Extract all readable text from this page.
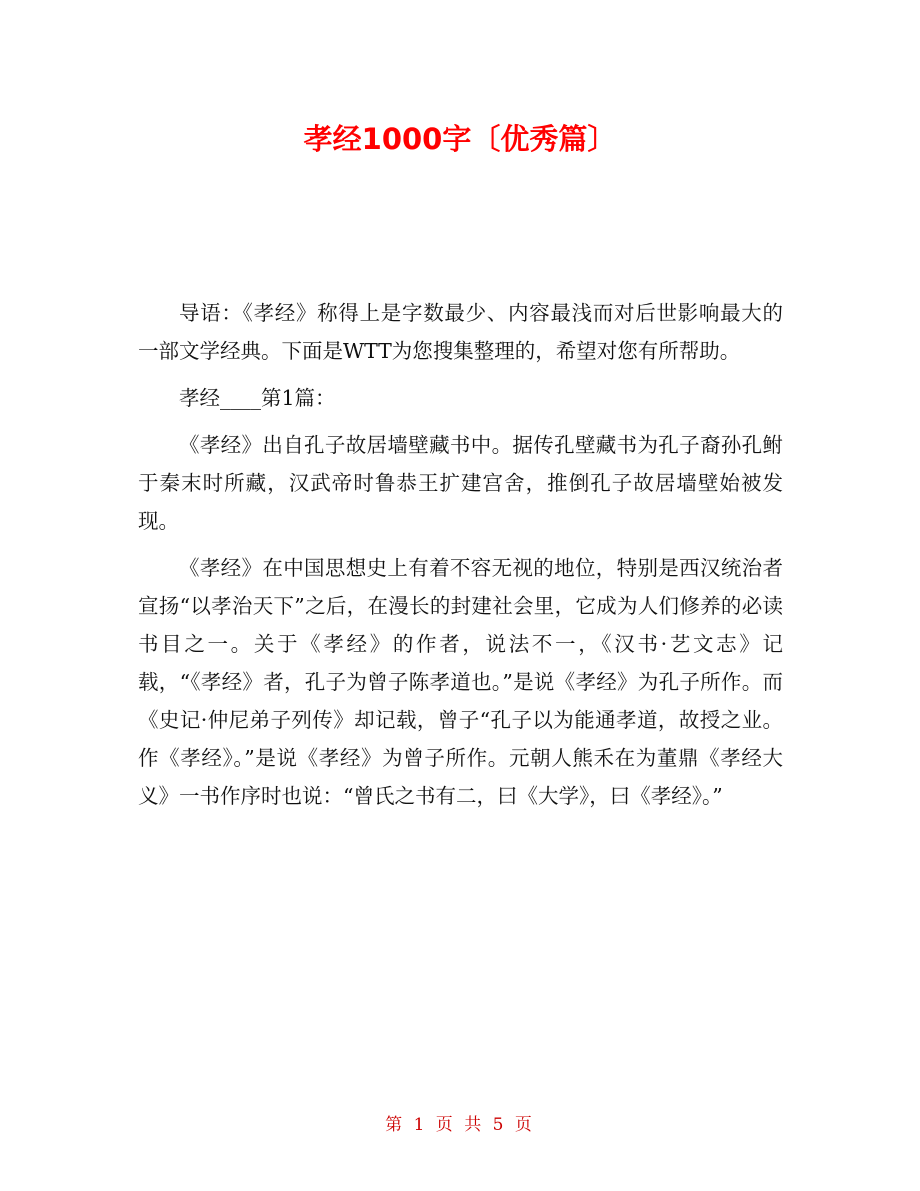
孝经1000字〔优秀篇〕

导语：《孝经》称得上是字数最少、内容最浅而对后世影响最大的一部文学经典。下面是WTT为您搜集整理的，希望对您有所帮助。

孝经____第1篇：

《孝经》出自孔子故居墙壁藏书中。据传孔壁藏书为孔子裔孙孔鲋于秦末时所藏，汉武帝时鲁恭王扩建宫舍，推倒孔子故居墙壁始被发现。

《孝经》在中国思想史上有着不容无视的地位，特别是西汉统治者宣扬“以孝治天下”之后，在漫长的封建社会里，它成为人们修养的必读书目之一。关于《孝经》的作者，说法不一，《汉书·艺文志》记载，“《孝经》者，孔子为曾子陈孝道也。”是说《孝经》为孔子所作。而《史记·仲尼弟子列传》却记载，曾子“孔子以为能通孝道，故授之业。作《孝经》。”是说《孝经》为曾子所作。元朝人熊禾在为董鼎《孝经大义》一书作序时也说：“曾氏之书有二，曰《大学》，曰《孝经》。”

第 1 页 共 5 页
